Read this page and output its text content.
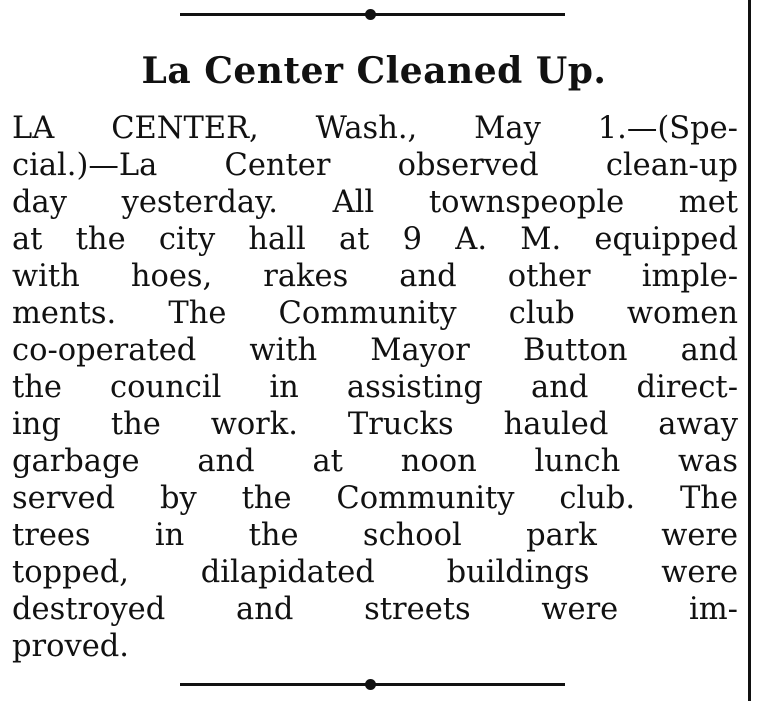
La Center Cleaned Up.
LA CENTER, Wash., May 1.—(Spe-
cial.)—La Center observed clean-up
day yesterday. All townspeople met
at the city hall at 9 A. M. equipped
with hoes, rakes and other imple-
ments. The Community club women
co-operated with Mayor Button and
the council in assisting and direct-
ing the work. Trucks hauled away
garbage and at noon lunch was
served by the Community club. The
trees in the school park were
topped, dilapidated buildings were
destroyed and streets were im-
proved.
